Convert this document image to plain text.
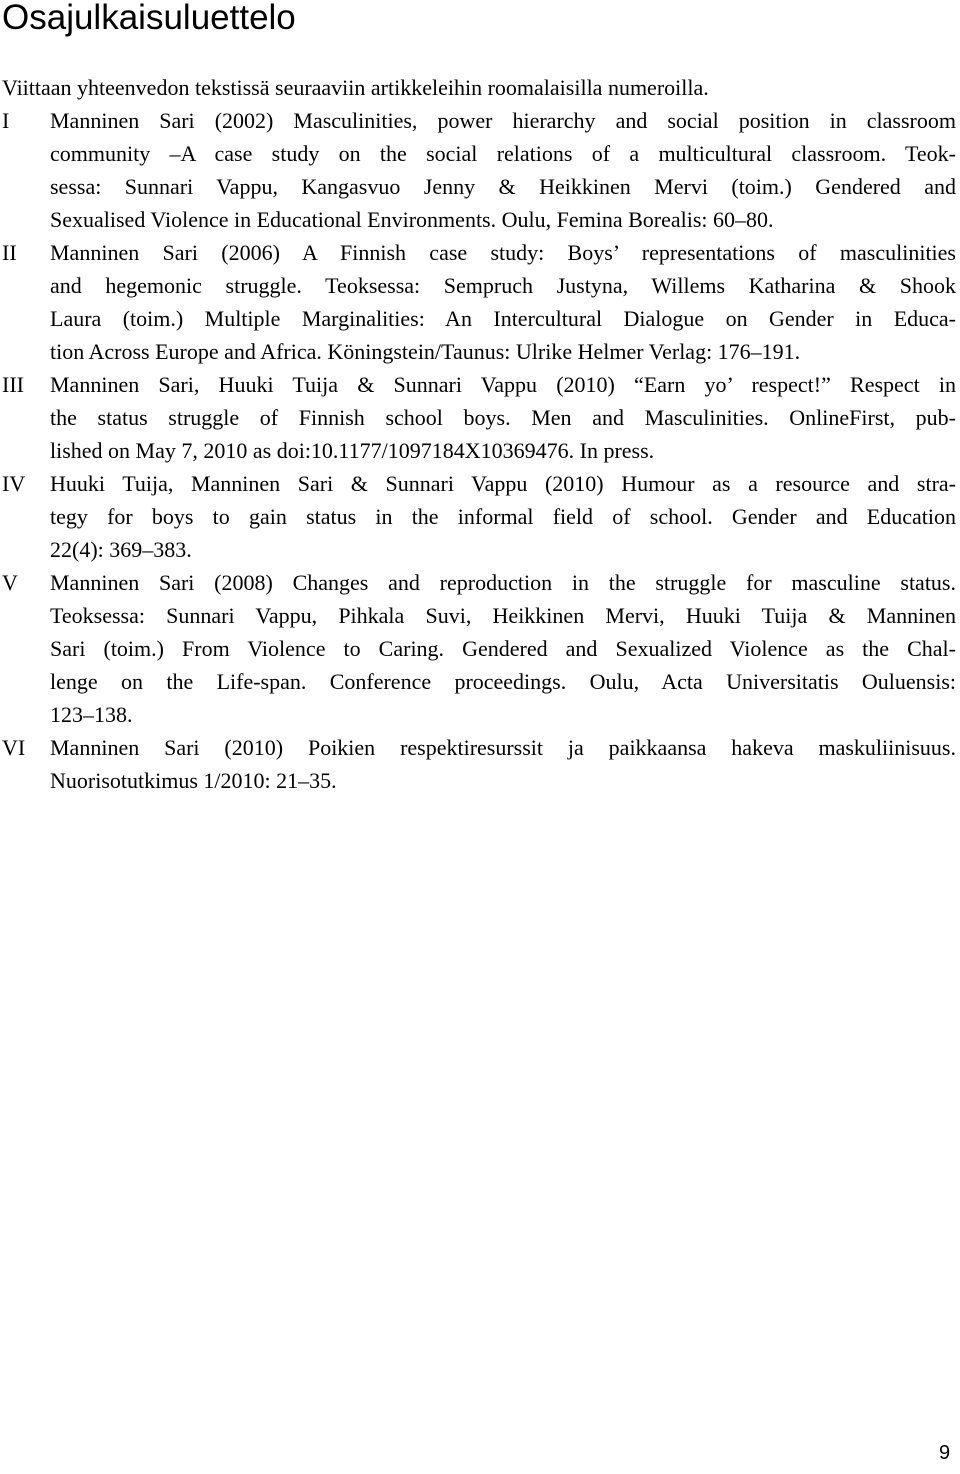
Osajulkaisuluettelo

Viittaan yhteenvedon tekstissä seuraaviin artikkeleihin roomalaisilla numeroilla.

I Manninen Sari (2002) Masculinities, power hierarchy and social position in classroom
community –A case study on the social relations of a multicultural classroom. Teok-
sessa: Sunnari Vappu, Kangasvuo Jenny & Heikkinen Mervi (toim.) Gendered and
Sexualised Violence in Educational Environments. Oulu, Femina Borealis: 60–80.
II Manninen Sari (2006) A Finnish case study: Boys’ representations of masculinities
and hegemonic struggle. Teoksessa: Sempruch Justyna, Willems Katharina & Shook
Laura (toim.) Multiple Marginalities: An Intercultural Dialogue on Gender in Educa-
tion Across Europe and Africa. Köningstein/Taunus: Ulrike Helmer Verlag: 176–191.
III Manninen Sari, Huuki Tuija & Sunnari Vappu (2010) “Earn yo’ respect!” Respect in
the status struggle of Finnish school boys. Men and Masculinities. OnlineFirst, pub-
lished on May 7, 2010 as doi:10.1177/1097184X10369476. In press.
IV Huuki Tuija, Manninen Sari & Sunnari Vappu (2010) Humour as a resource and stra-
tegy for boys to gain status in the informal field of school. Gender and Education
22(4): 369–383.
V Manninen Sari (2008) Changes and reproduction in the struggle for masculine status.
Teoksessa: Sunnari Vappu, Pihkala Suvi, Heikkinen Mervi, Huuki Tuija & Manninen
Sari (toim.) From Violence to Caring. Gendered and Sexualized Violence as the Chal-
lenge on the Life-span. Conference proceedings. Oulu, Acta Universitatis Ouluensis:
123–138.
VI Manninen Sari (2010) Poikien respektiresurssit ja paikkaansa hakeva maskuliinisuus.
Nuorisotutkimus 1/2010: 21–35.
9
